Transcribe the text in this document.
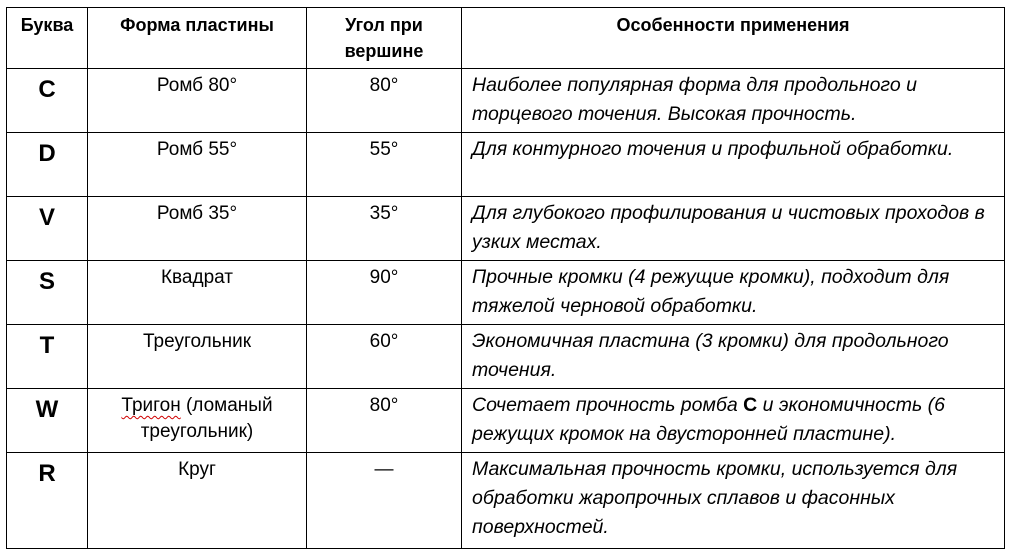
Буква	Форма пластины	Угол при вершине	Особенности применения
C	Ромб 80°	80°	Наиболее популярная форма для продольного и торцевого точения. Высокая прочность.
D	Ромб 55°	55°	Для контурного точения и профильной обработки.
V	Ромб 35°	35°	Для глубокого профилирования и чистовых проходов в узких местах.
S	Квадрат	90°	Прочные кромки (4 режущие кромки), подходит для тяжелой черновой обработки.
T	Треугольник	60°	Экономичная пластина (3 кромки) для продольного точения.
W	Тригон (ломаный треугольник)	80°	Сочетает прочность ромба C и экономичность (6 режущих кромок на двусторонней пластине).
R	Круг	—	Максимальная прочность кромки, используется для обработки жаропрочных сплавов и фасонных поверхностей.
